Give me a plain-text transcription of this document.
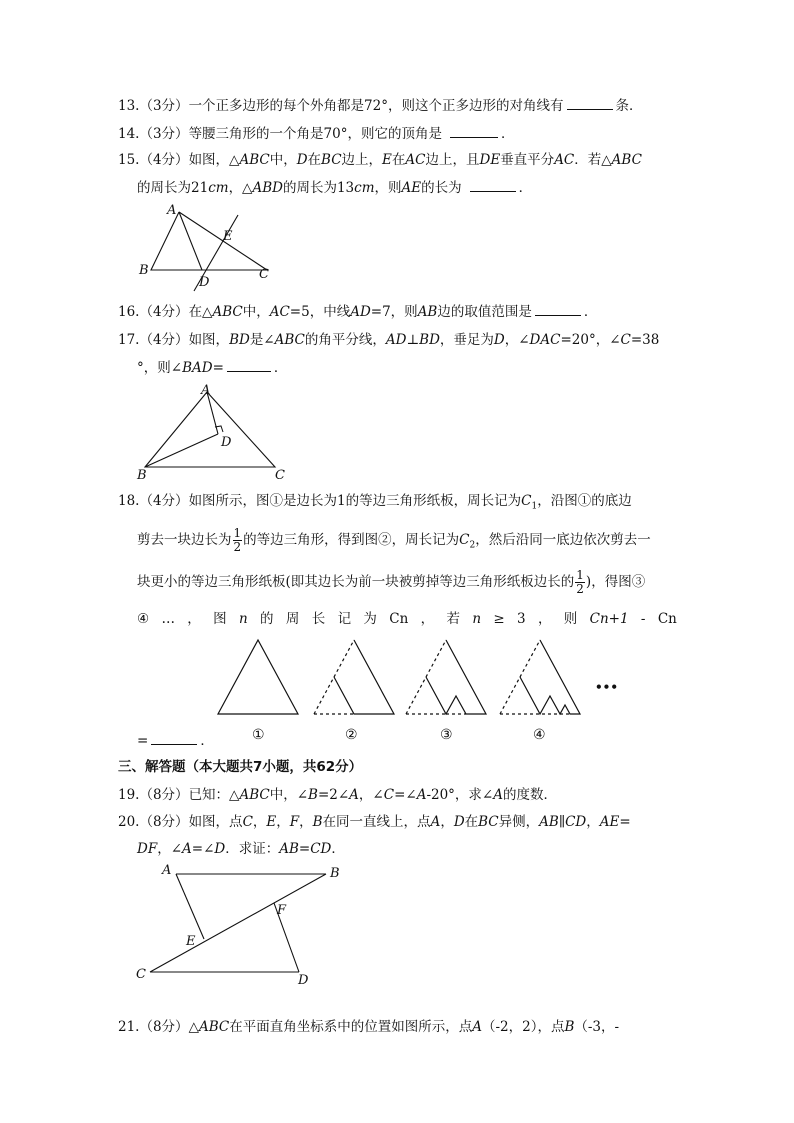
13.（3分）一个正多边形的每个外角都是72°，则这个正多边形的对角线有	条．
14.（3分）等腰三角形的一个角是70°，则它的顶角是	．
15.（4分）如图，△ABC中，D在BC边上，E在AC边上，且DE垂直平分AC．若△ABC
的周长为21cm，△ABD的周长为13cm，则AE的长为	．
A
B	C
D
E
16.（4分）在△ABC中，AC=5，中线AD=7，则AB边的取值范围是	．
17.（4分）如图，BD是∠ABC的角平分线，AD⊥BD，垂足为D，∠DAC=20°，∠C=38
°，则∠BAD=	．
A
B	C
D
18.（4分）如图所示，图①是边长为1的等边三角形纸板，周长记为$C_1$，沿图①的底边
剪去一块边长为 $\frac{1}{2}$ 的等边三角形，得到图②，周长记为$C_2$，然后沿同一底边依次剪去一
块更小的等边三角形纸板(即其边长为前一块被剪掉等边三角形纸板边长的 $\frac{1}{2}$ )，得图③
④ … ， 图 n 的 周 长 记 为 Cn ， 若 n ≥ 3 ， 则 Cn+1 - Cn
•••
①	②	③	④
=	．
三、解答题（本大题共7小题，共62分）
19.（8分）已知：△ABC中，∠B=2∠A，∠C=∠A-20°，求∠A的度数．
20.（8分）如图，点C，E，F，B在同一直线上，点A，D在BC异侧，AB∥CD，AE=
DF，∠A=∠D．求证：AB=CD．
A	B
C	D
E
F
21.（8分）△ABC在平面直角坐标系中的位置如图所示，点A（-2，2），点B（-3，-
